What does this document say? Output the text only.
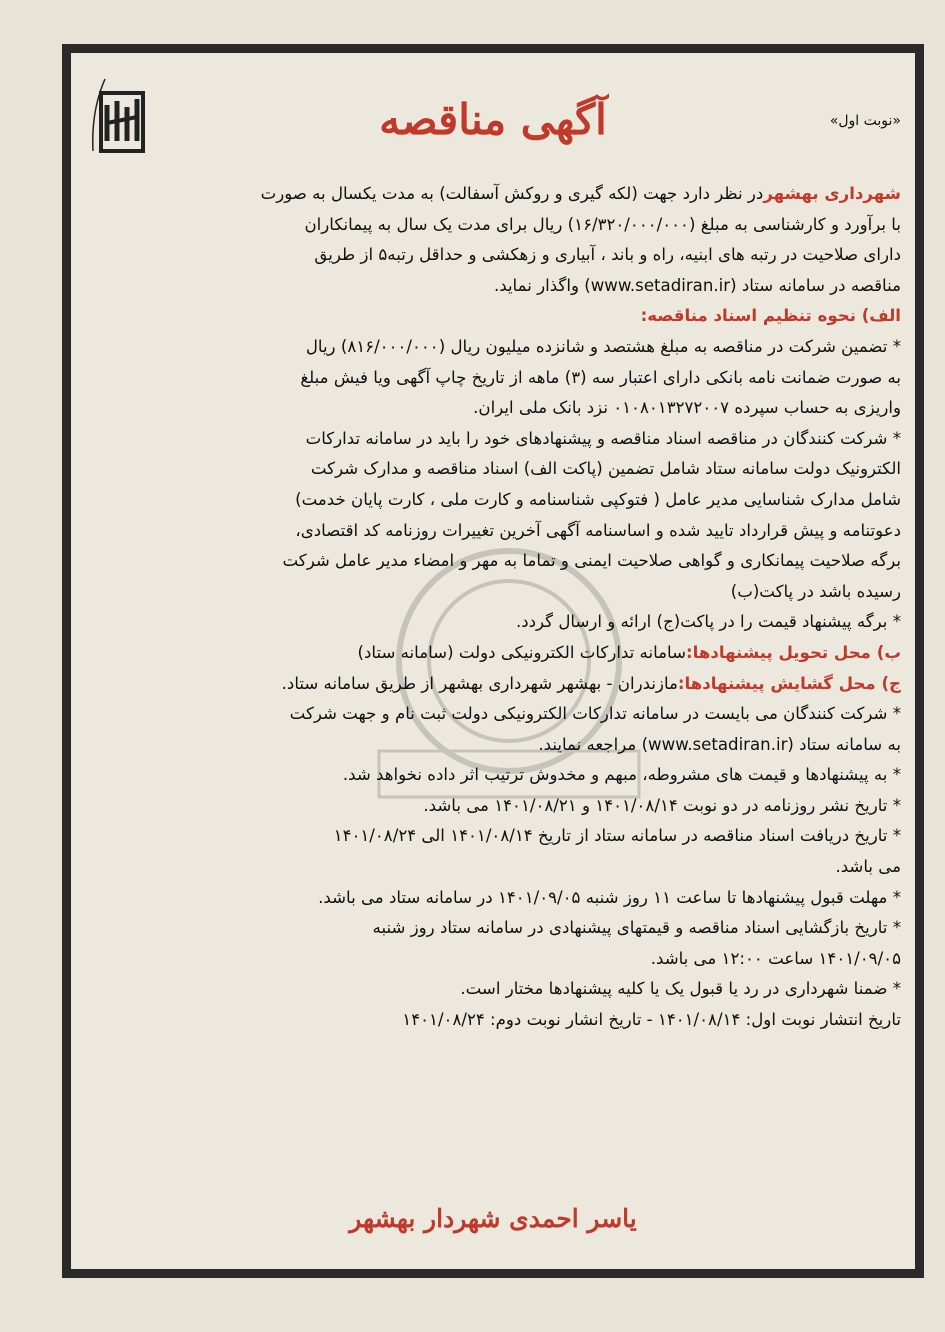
«نوبت اول»
آگهی مناقصه
شهرداری بهشهردر نظر دارد جهت (لکه گیری و روکش آسفالت) به مدت یکسال به صورت
با برآورد و کارشناسی به مبلغ (۱۶/۳۲۰/۰۰۰/۰۰۰) ریال برای مدت یک سال به پیمانکاران
دارای صلاحیت در رتبه های ابنیه، راه و باند ، آبیاری و زهکشی و حداقل رتبه۵ از طریق
مناقصه در سامانه ستاد (www.setadiran.ir) واگذار نماید.
الف) نحوه تنظیم اسناد مناقصه:
* تضمین شرکت در مناقصه به مبلغ هشتصد و شانزده میلیون ریال (۸۱۶/۰۰۰/۰۰۰) ریال
به صورت ضمانت نامه بانکی دارای اعتبار سه (۳) ماهه از تاریخ چاپ آگهی ویا فیش مبلغ
واریزی به حساب سپرده ۰۱۰۸۰۱۳۲۷۲۰۰۷ نزد بانک ملی ایران.
* شرکت کنندگان در مناقصه اسناد مناقصه و پیشنهادهای خود را باید در سامانه تدارکات
الکترونیک دولت سامانه ستاد شامل تضمین (پاکت الف) اسناد مناقصه و مدارک شرکت
شامل مدارک شناسایی مدیر عامل ( فتوکپی شناسنامه و کارت ملی ، کارت پایان خدمت)
دعوتنامه و پیش قرارداد تایید شده و اساسنامه آگهی آخرین تغییرات روزنامه کد اقتصادی،
برگه صلاحیت پیمانکاری و گواهی صلاحیت ایمنی و تماما به مهر و امضاء مدیر عامل شرکت
رسیده باشد در پاکت(ب)
* برگه پیشنهاد قیمت را در پاکت(ج) ارائه و ارسال گردد.
ب) محل تحویل پیشنهادها:سامانه تدارکات الکترونیکی دولت (سامانه ستاد)
ج) محل گشایش پیشنهادها:مازندران - بهشهر شهرداری بهشهر از طریق سامانه ستاد.
* شرکت کنندگان می بایست در سامانه تدارکات الکترونیکی دولت ثبت نام و جهت شرکت
به سامانه ستاد (www.setadiran.ir) مراجعه نمایند.
* به پیشنهادها و قیمت های مشروطه، مبهم و مخدوش ترتیب اثر داده نخواهد شد.
* تاریخ نشر روزنامه در دو نوبت ۱۴۰۱/۰۸/۱۴ و ۱۴۰۱/۰۸/۲۱ می باشد.
* تاریخ دریافت اسناد مناقصه در سامانه ستاد از تاریخ ۱۴۰۱/۰۸/۱۴ الی ۱۴۰۱/۰۸/۲۴
می باشد.
* مهلت قبول پیشنهادها تا ساعت ۱۱ روز شنبه ۱۴۰۱/۰۹/۰۵ در سامانه ستاد می باشد.
* تاریخ بازگشایی اسناد مناقصه و قیمتهای پیشنهادی در سامانه ستاد روز شنبه
۱۴۰۱/۰۹/۰۵ ساعت ۱۲:۰۰ می باشد.
* ضمنا شهرداری در رد یا قبول یک یا کلیه پیشنهادها مختار است.
تاریخ انتشار نوبت اول: ۱۴۰۱/۰۸/۱۴ - تاریخ انشار نوبت دوم: ۱۴۰۱/۰۸/۲۴
یاسر احمدی شهردار بهشهر
